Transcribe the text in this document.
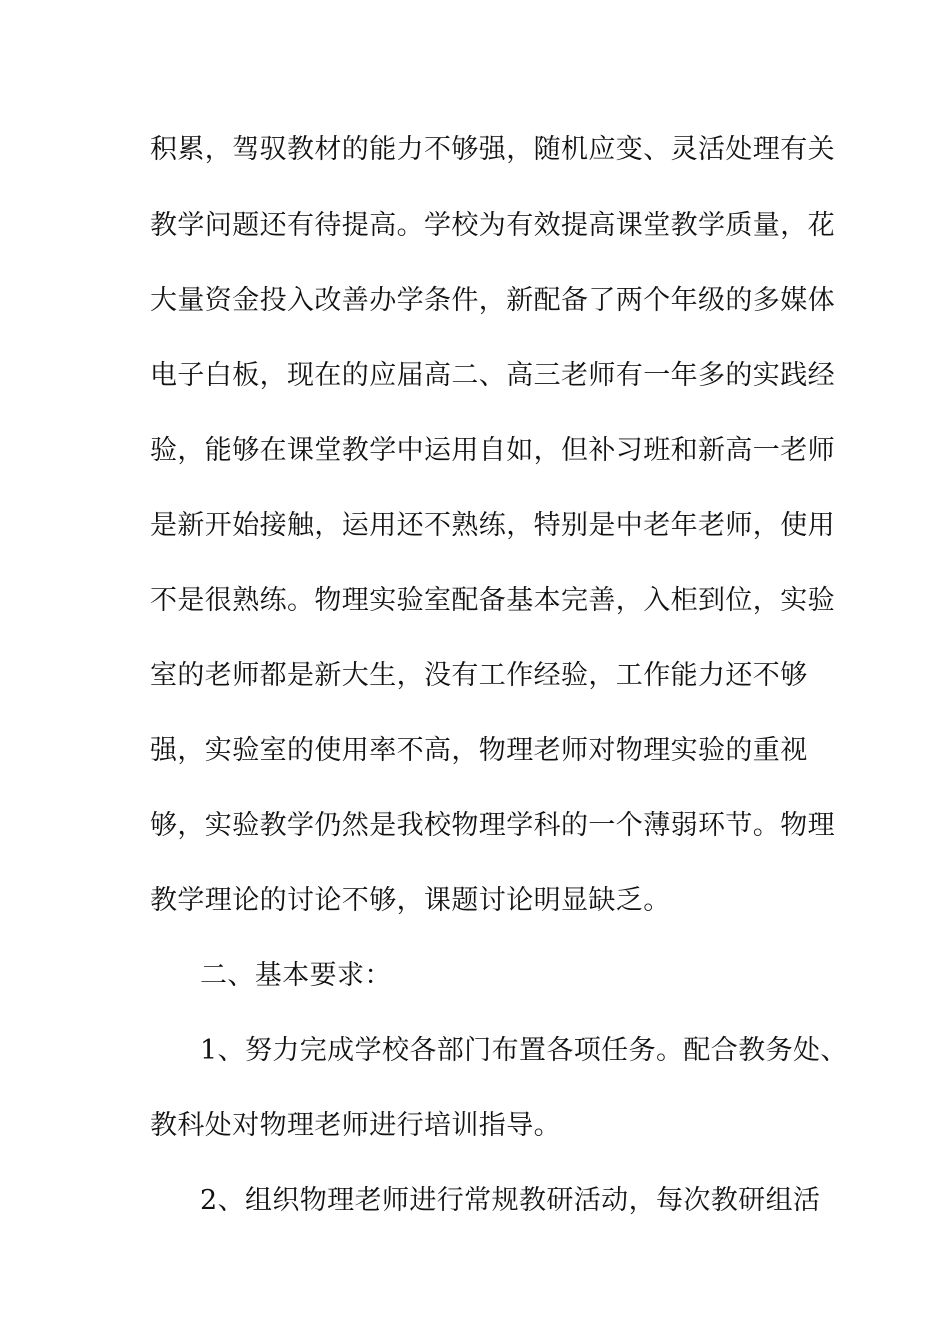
积累，驾驭教材的能力不够强，随机应变、灵活处理有关
教学问题还有待提高。学校为有效提高课堂教学质量，花
大量资金投入改善办学条件，新配备了两个年级的多媒体
电子白板，现在的应届高二、高三老师有一年多的实践经
验，能够在课堂教学中运用自如，但补习班和新高一老师
是新开始接触，运用还不熟练，特别是中老年老师，使用
不是很熟练。物理实验室配备基本完善，入柜到位，实验
室的老师都是新大生，没有工作经验，工作能力还不够
强，实验室的使用率不高，物理老师对物理实验的重视
够，实验教学仍然是我校物理学科的一个薄弱环节。物理
教学理论的讨论不够，课题讨论明显缺乏。
二、基本要求：
1、努力完成学校各部门布置各项任务。配合教务处、
教科处对物理老师进行培训指导。
2、组织物理老师进行常规教研活动，每次教研组活
